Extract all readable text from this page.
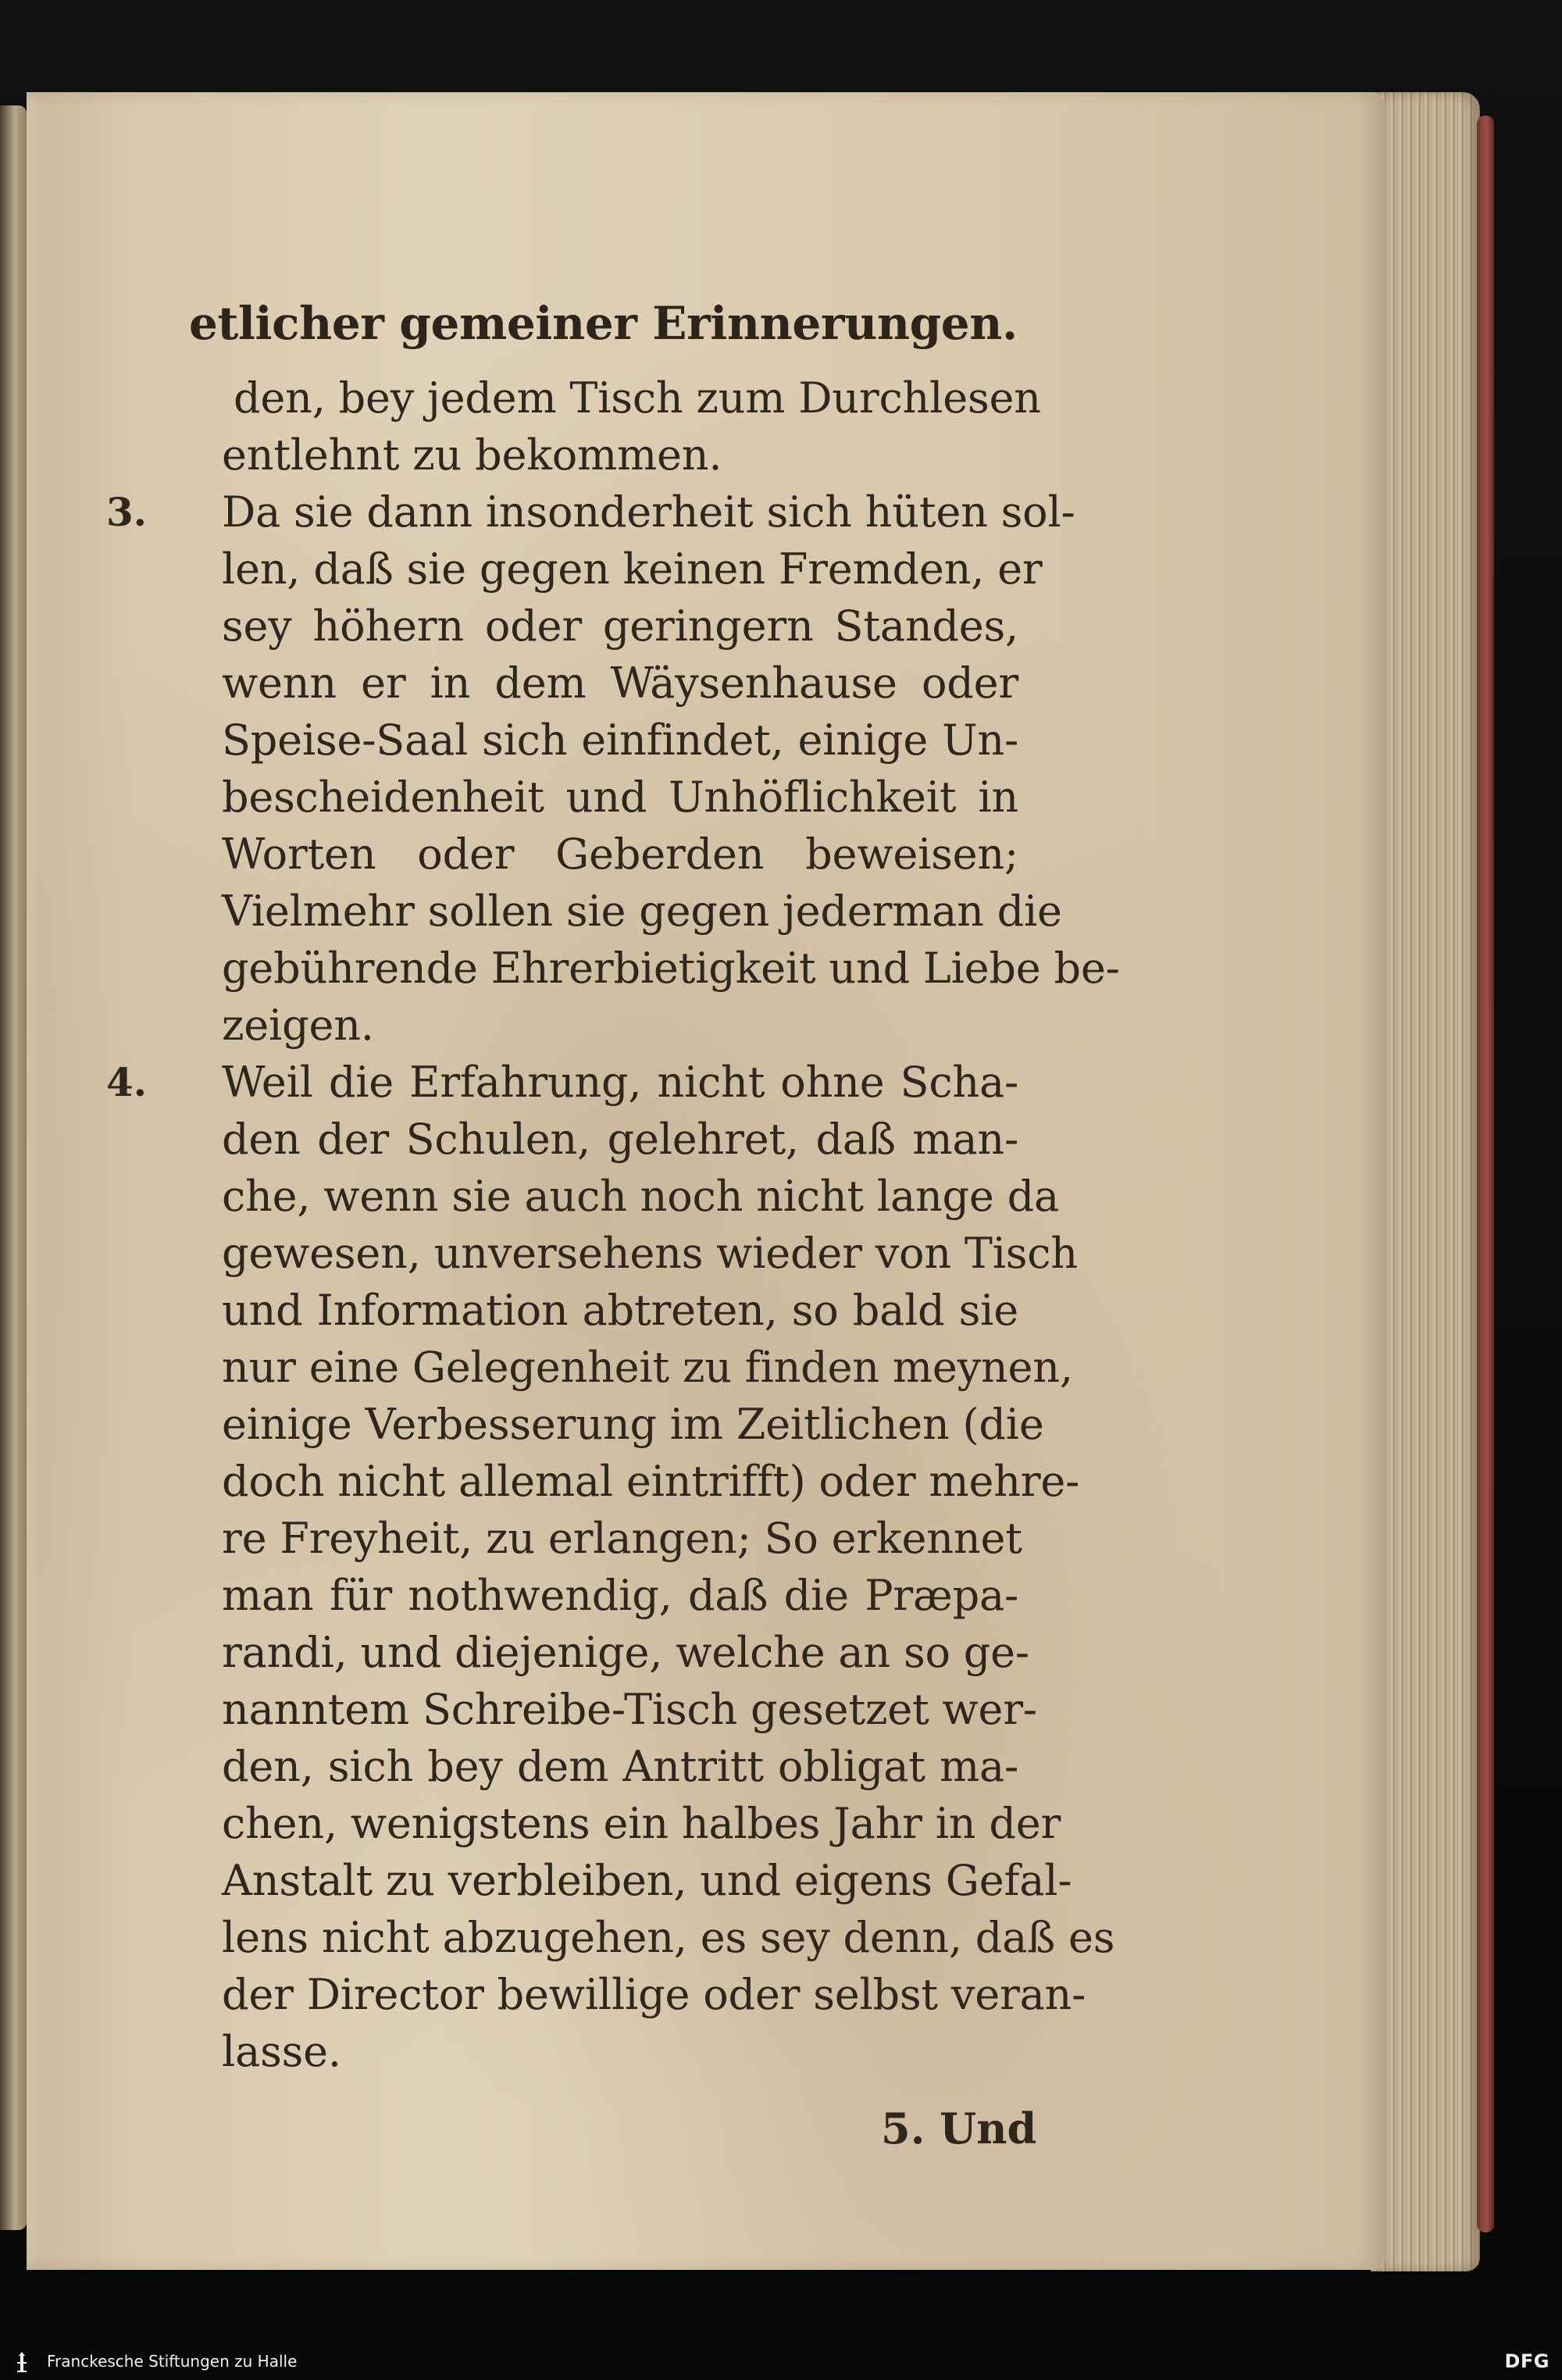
etlicher gemeiner Erinnerungen.
den, bey jedem Tisch zum Durchlesen
entlehnt zu bekommen.
3.	Da sie dann insonderheit sich hüten sol-
len, daß sie gegen keinen Fremden, er
sey höhern oder geringern Standes,
wenn er in dem Wäysenhause oder
Speise-Saal sich einfindet, einige Un-
bescheidenheit und Unhöflichkeit in
Worten oder Geberden beweisen;
Vielmehr sollen sie gegen jederman die
gebührende Ehrerbietigkeit und Liebe be-
zeigen.
4.	Weil die Erfahrung, nicht ohne Scha-
den der Schulen, gelehret, daß man-
che, wenn sie auch noch nicht lange da
gewesen, unversehens wieder von Tisch
und Information abtreten, so bald sie
nur eine Gelegenheit zu finden meynen,
einige Verbesserung im Zeitlichen (die
doch nicht allemal eintrifft) oder mehre-
re Freyheit, zu erlangen; So erkennet
man für nothwendig, daß die Præpa-
randi, und diejenige, welche an so ge-
nanntem Schreibe-Tisch gesetzet wer-
den, sich bey dem Antritt obligat ma-
chen, wenigstens ein halbes Jahr in der
Anstalt zu verbleiben, und eigens Gefal-
lens nicht abzugehen, es sey denn, daß es
der Director bewillige oder selbst veran-
lasse.
5. Und
Franckesche Stiftungen zu Halle	DFG
